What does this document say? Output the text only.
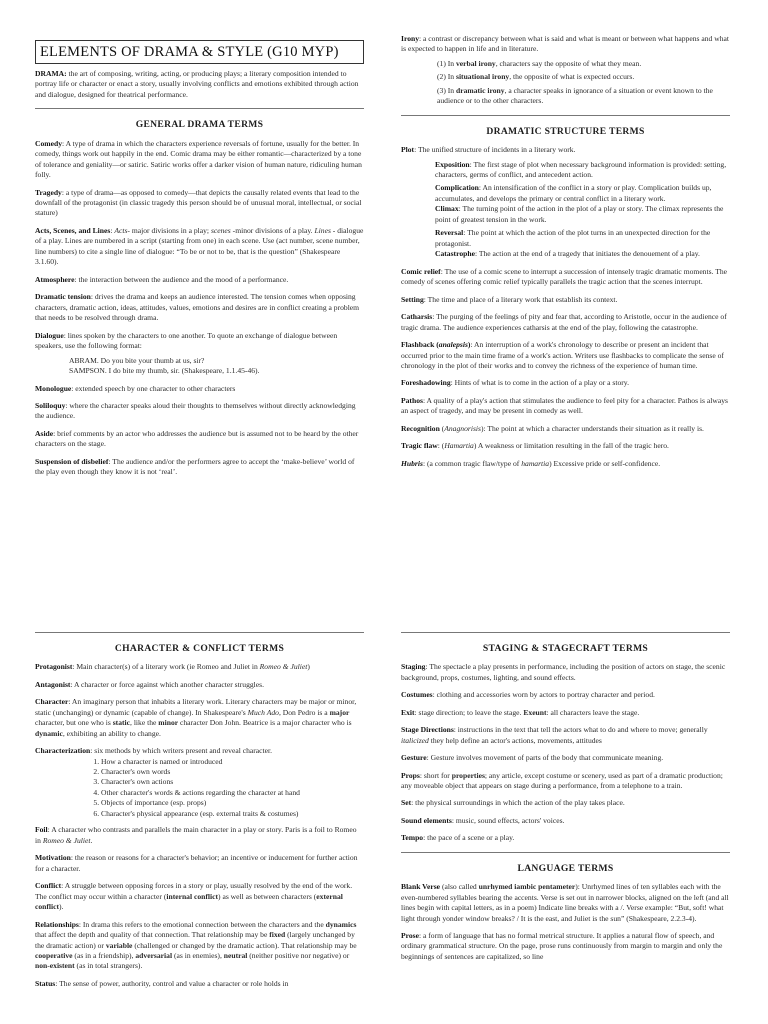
ELEMENTS OF DRAMA & STYLE (G10 MYP)

DRAMA: the art of composing, writing, acting, or producing plays; a literary composition intended to portray life or character or enact a story, usually involving conflicts and emotions exhibited through action and dialogue, designed for theatrical performance.

GENERAL DRAMA TERMS

Comedy: A type of drama in which the characters experience reversals of fortune, usually for the better. In comedy, things work out happily in the end. Comic drama may be either romantic—characterized by a tone of tolerance and geniality—or satiric. Satiric works offer a darker vision of human nature, ridiculing human folly.

Tragedy: a type of drama—as opposed to comedy—that depicts the causally related events that lead to the downfall of the protagonist (in classic tragedy this person should be of unusual moral, intellectual, or social stature)

Acts, Scenes, and Lines: Acts- major divisions in a play; scenes -minor divisions of a play. Lines - dialogue of a play. Lines are numbered in a script (starting from one) in each scene. Use (act number, scene number, line numbers) to cite a single line of dialogue: “To be or not to be, that is the question” (Shakespeare 3.1.60).

Atmosphere: the interaction between the audience and the mood of a performance.

Dramatic tension: drives the drama and keeps an audience interested. The tension comes when opposing characters, dramatic action, ideas, attitudes, values, emotions and desires are in conflict creating a problem that needs to be resolved through drama.

Dialogue: lines spoken by the characters to one another. To quote an exchange of dialogue between speakers, use the following format:

ABRAM. Do you bite your thumb at us, sir?

SAMPSON. I do bite my thumb, sir. (Shakespeare, 1.1.45-46).

Monologue: extended speech by one character to other characters

Soliloquy: where the character speaks aloud their thoughts to themselves without directly acknowledging the audience.

Aside: brief comments by an actor who addresses the audience but is assumed not to be heard by the other characters on the stage.

Suspension of disbelief: The audience and/or the performers agree to accept the ‘make-believe’ world of the play even though they know it is not ‘real’.

Irony: a contrast or discrepancy between what is said and what is meant or between what happens and what is expected to happen in life and in literature.

(1) In verbal irony, characters say the opposite of what they mean.

(2) In situational irony, the opposite of what is expected occurs.

(3) In dramatic irony, a character speaks in ignorance of a situation or event known to the audience or to the other characters.

DRAMATIC STRUCTURE TERMS

Plot: The unified structure of incidents in a literary work.

Exposition: The first stage of plot when necessary background information is provided: setting, characters, germs of conflict, and antecedent action.

Complication: An intensification of the conflict in a story or play. Complication builds up, accumulates, and develops the primary or central conflict in a literary work.

Climax: The turning point of the action in the plot of a play or story. The climax represents the point of greatest tension in the work.

Reversal: The point at which the action of the plot turns in an unexpected direction for the protagonist.

Catastrophe: The action at the end of a tragedy that initiates the denouement of a play.

Comic relief: The use of a comic scene to interrupt a succession of intensely tragic dramatic moments. The comedy of scenes offering comic relief typically parallels the tragic action that the scenes interrupt.

Setting: The time and place of a literary work that establish its context.

Catharsis: The purging of the feelings of pity and fear that, according to Aristotle, occur in the audience of tragic drama. The audience experiences catharsis at the end of the play, following the catastrophe.

Flashback (analepsis): An interruption of a work's chronology to describe or present an incident that occurred prior to the main time frame of a work's action. Writers use flashbacks to complicate the sense of chronology in the plot of their works and to convey the richness of the experience of human time.

Foreshadowing: Hints of what is to come in the action of a play or a story.

Pathos: A quality of a play's action that stimulates the audience to feel pity for a character. Pathos is always an aspect of tragedy, and may be present in comedy as well.

Recognition (Anagnorisis): The point at which a character understands their situation as it really is.

Tragic flaw: (Hamartia) A weakness or limitation resulting in the fall of the tragic hero.

Hubris: (a common tragic flaw/type of hamartia) Excessive pride or self-confidence.

CHARACTER & CONFLICT TERMS

Protagonist: Main character(s) of a literary work (ie Romeo and Juliet in Romeo & Juliet)

Antagonist: A character or force against which another character struggles.

Character: An imaginary person that inhabits a literary work. Literary characters may be major or minor, static (unchanging) or dynamic (capable of change). In Shakespeare's Much Ado, Don Pedro is a major character, but one who is static, like the minor character Don John. Beatrice is a major character who is dynamic, exhibiting an ability to change.

Characterization: six methods by which writers present and reveal character.

1. How a character is named or introduced
2. Character's own words
3. Character's own actions
4. Other character's words & actions regarding the character at hand
5. Objects of importance (esp. props)
6. Character's physical appearance (esp. external traits & costumes)

Foil: A character who contrasts and parallels the main character in a play or story. Paris is a foil to Romeo in Romeo & Juliet.

Motivation: the reason or reasons for a character's behavior; an incentive or inducement for further action for a character.

Conflict: A struggle between opposing forces in a story or play, usually resolved by the end of the work. The conflict may occur within a character (internal conflict) as well as between characters (external conflict).

Relationships: In drama this refers to the emotional connection between the characters and the dynamics that affect the depth and quality of that connection. That relationship may be fixed (largely unchanged by the dramatic action) or variable (challenged or changed by the dramatic action). That relationship may be cooperative (as in a friendship), adversarial (as in enemies), neutral (neither positive nor negative) or non-existent (as in total strangers).

Status: The sense of power, authority, control and value a character or role holds in

STAGING & STAGECRAFT TERMS

Staging: The spectacle a play presents in performance, including the position of actors on stage, the scenic background, props, costumes, lighting, and sound effects.

Costumes: clothing and accessories worn by actors to portray character and period.

Exit: stage direction; to leave the stage. Exeunt: all characters leave the stage.

Stage Directions: instructions in the text that tell the actors what to do and where to move; generally italicized they help define an actor's actions, movements, attitudes

Gesture: Gesture involves movement of parts of the body that communicate meaning.

Props: short for properties; any article, except costume or scenery, used as part of a dramatic production; any moveable object that appears on stage during a performance, from a telephone to a train.

Set: the physical surroundings in which the action of the play takes place.

Sound elements: music, sound effects, actors' voices.

Tempo: the pace of a scene or a play.

LANGUAGE TERMS

Blank Verse (also called unrhymed iambic pentameter): Unrhymed lines of ten syllables each with the even-numbered syllables bearing the accents. Verse is set out in narrower blocks, aligned on the left (and all lines begin with capital letters, as in a poem) Indicate line breaks with a /. Verse example: “But, soft! what light through yonder window breaks? / It is the east, and Juliet is the sun” (Shakespeare, 2.2.3-4).

Prose: a form of language that has no formal metrical structure. It applies a natural flow of speech, and ordinary grammatical structure. On the page, prose runs continuously from margin to margin and only the beginnings of sentences are capitalized, so line
